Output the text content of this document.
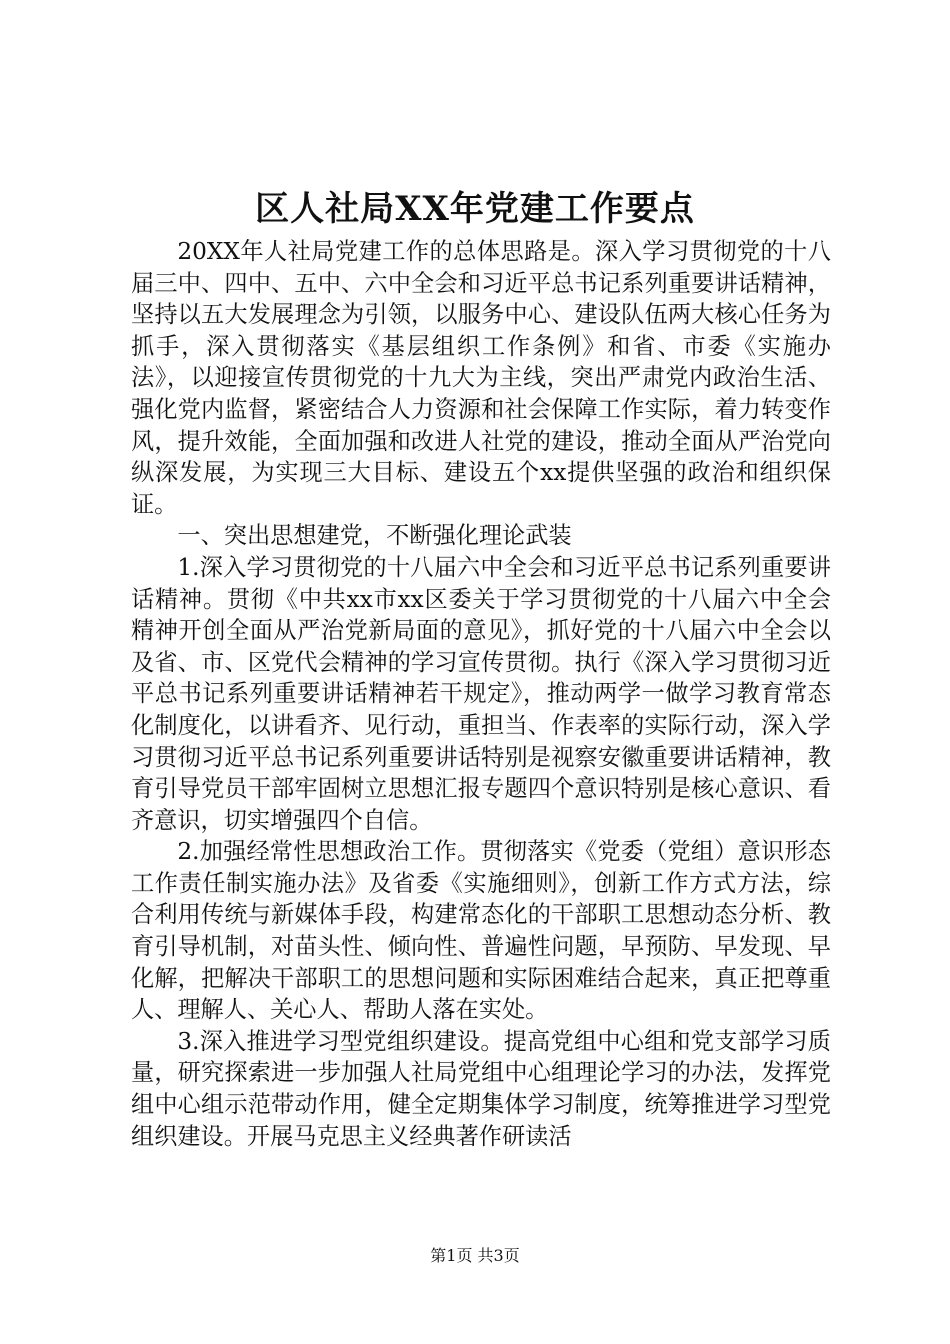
区人社局XX年党建工作要点

20XX年人社局党建工作的总体思路是。深入学习贯彻党的十八届三中、四中、五中、六中全会和习近平总书记系列重要讲话精神，坚持以五大发展理念为引领，以服务中心、建设队伍两大核心任务为抓手，深入贯彻落实《基层组织工作条例》和省、市委《实施办法》，以迎接宣传贯彻党的十九大为主线，突出严肃党内政治生活、强化党内监督，紧密结合人力资源和社会保障工作实际，着力转变作风，提升效能，全面加强和改进人社党的建设，推动全面从严治党向纵深发展，为实现三大目标、建设五个xx提供坚强的政治和组织保证。

一、突出思想建党，不断强化理论武装

1.深入学习贯彻党的十八届六中全会和习近平总书记系列重要讲话精神。贯彻《中共xx市xx区委关于学习贯彻党的十八届六中全会精神开创全面从严治党新局面的意见》，抓好党的十八届六中全会以及省、市、区党代会精神的学习宣传贯彻。执行《深入学习贯彻习近平总书记系列重要讲话精神若干规定》，推动两学一做学习教育常态化制度化，以讲看齐、见行动，重担当、作表率的实际行动，深入学习贯彻习近平总书记系列重要讲话特别是视察安徽重要讲话精神，教育引导党员干部牢固树立思想汇报专题四个意识特别是核心意识、看齐意识，切实增强四个自信。

2.加强经常性思想政治工作。贯彻落实《党委（党组）意识形态工作责任制实施办法》及省委《实施细则》，创新工作方式方法，综合利用传统与新媒体手段，构建常态化的干部职工思想动态分析、教育引导机制，对苗头性、倾向性、普遍性问题，早预防、早发现、早化解，把解决干部职工的思想问题和实际困难结合起来，真正把尊重人、理解人、关心人、帮助人落在实处。

3.深入推进学习型党组织建设。提高党组中心组和党支部学习质量，研究探索进一步加强人社局党组中心组理论学习的办法，发挥党组中心组示范带动作用，健全定期集体学习制度，统筹推进学习型党组织建设。开展马克思主义经典著作研读活

第1页 共3页
